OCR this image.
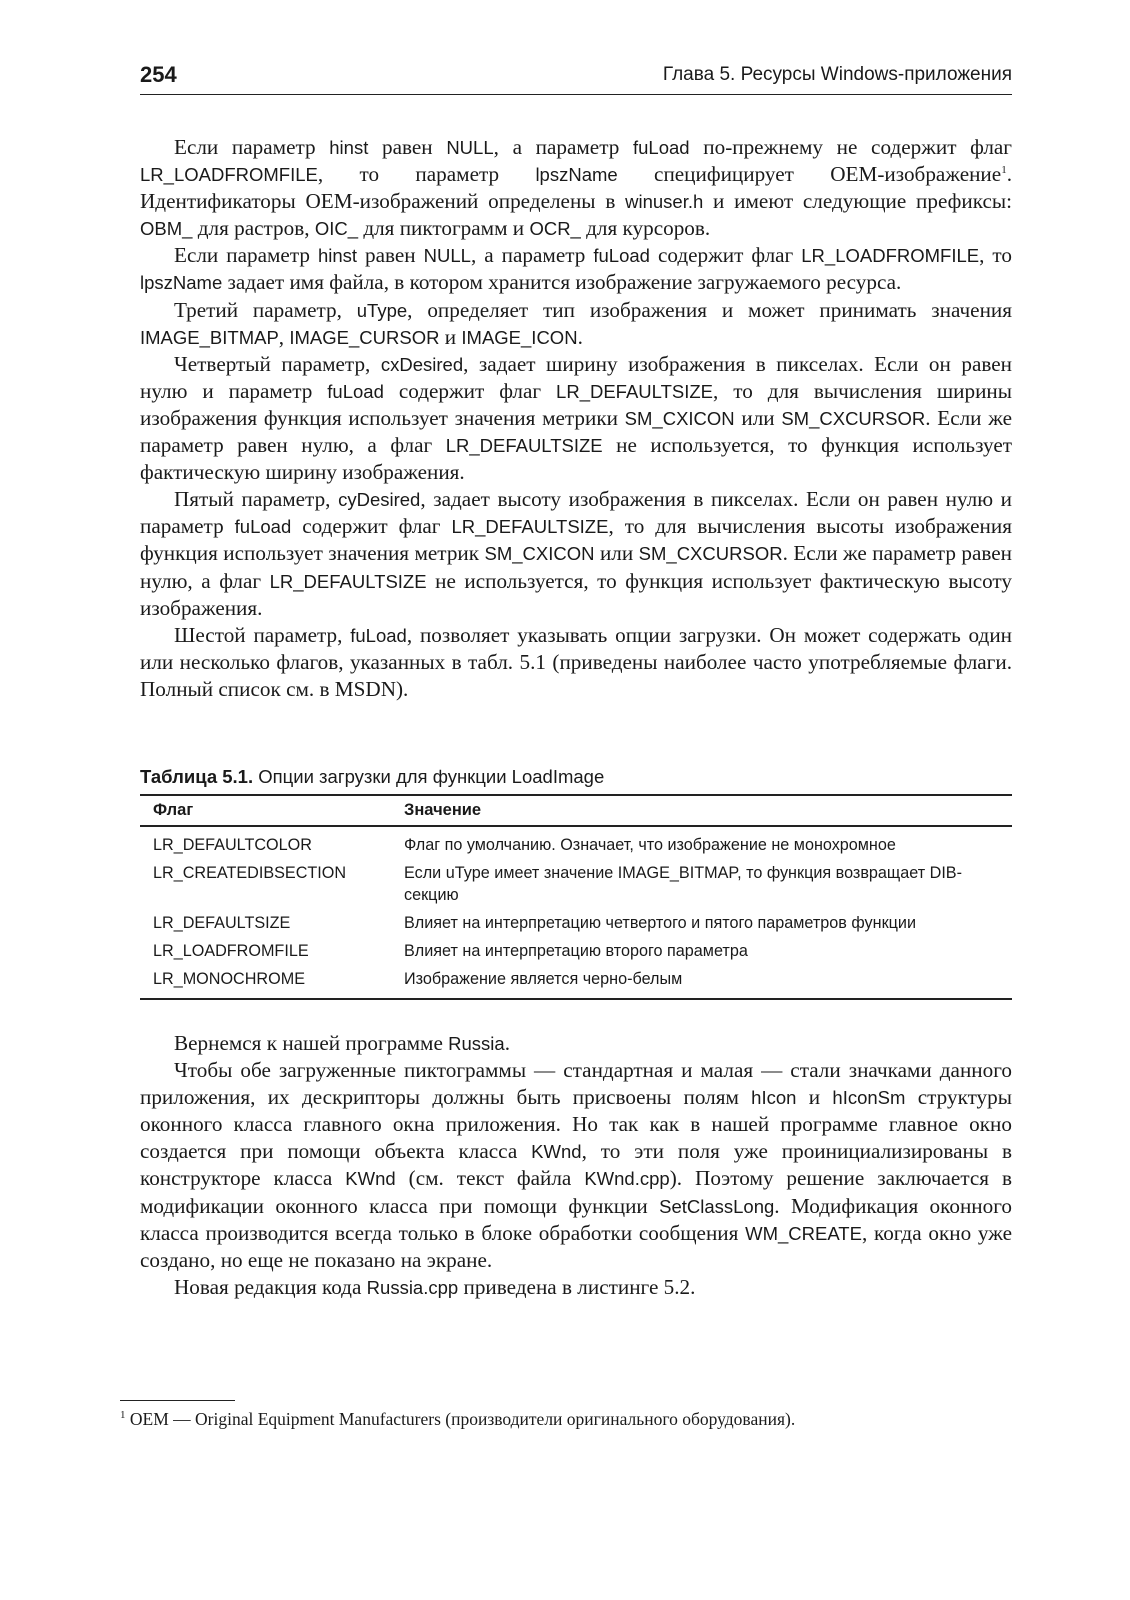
254	Глава 5. Ресурсы Windows-приложения

Если параметр hinst равен NULL, а параметр fuLoad по-прежнему не содержит флаг LR_LOADFROMFILE, то параметр lpszName специфицирует OEM-изображение$^1$. Идентификаторы OEM-изображений определены в winuser.h и имеют следующие префиксы: OBM_ для растров, OIC_ для пиктограмм и OCR_ для курсоров.

Если параметр hinst равен NULL, а параметр fuLoad содержит флаг LR_LOADFROMFILE, то lpszName задает имя файла, в котором хранится изображение загружаемого ресурса.

Третий параметр, uType, определяет тип изображения и может принимать значения IMAGE_BITMAP, IMAGE_CURSOR и IMAGE_ICON.

Четвертый параметр, cxDesired, задает ширину изображения в пикселах. Если он равен нулю и параметр fuLoad содержит флаг LR_DEFAULTSIZE, то для вычисления ширины изображения функция использует значения метрики SM_CXICON или SM_CXCURSOR. Если же параметр равен нулю, а флаг LR_DEFAULTSIZE не используется, то функция использует фактическую ширину изображения.

Пятый параметр, cyDesired, задает высоту изображения в пикселах. Если он равен нулю и параметр fuLoad содержит флаг LR_DEFAULTSIZE, то для вычисления высоты изображения функция использует значения метрик SM_CXICON или SM_CXCURSOR. Если же параметр равен нулю, а флаг LR_DEFAULTSIZE не используется, то функция использует фактическую высоту изображения.

Шестой параметр, fuLoad, позволяет указывать опции загрузки. Он может содержать один или несколько флагов, указанных в табл. 5.1 (приведены наиболее часто употребляемые флаги. Полный список см. в MSDN).

Таблица 5.1. Опции загрузки для функции LoadImage
Флаг	Значение
LR_DEFAULTCOLOR	Флаг по умолчанию. Означает, что изображение не монохромное
LR_CREATEDIBSECTION	Если uType имеет значение IMAGE_BITMAP, то функция возвращает DIB-секцию
LR_DEFAULTSIZE	Влияет на интерпретацию четвертого и пятого параметров функции
LR_LOADFROMFILE	Влияет на интерпретацию второго параметра
LR_MONOCHROME	Изображение является черно-белым

Вернемся к нашей программе Russia.

Чтобы обе загруженные пиктограммы — стандартная и малая — стали значками данного приложения, их дескрипторы должны быть присвоены полям hIcon и hIconSm структуры оконного класса главного окна приложения. Но так как в нашей программе главное окно создается при помощи объекта класса KWnd, то эти поля уже проинициализированы в конструкторе класса KWnd (см. текст файла KWnd.cpp). Поэтому решение заключается в модификации оконного класса при помощи функции SetClassLong. Модификация оконного класса производится всегда только в блоке обработки сообщения WM_CREATE, когда окно уже создано, но еще не показано на экране.

Новая редакция кода Russia.cpp приведена в листинге 5.2.

$^1$ OEM — Original Equipment Manufacturers (производители оригинального оборудования).
